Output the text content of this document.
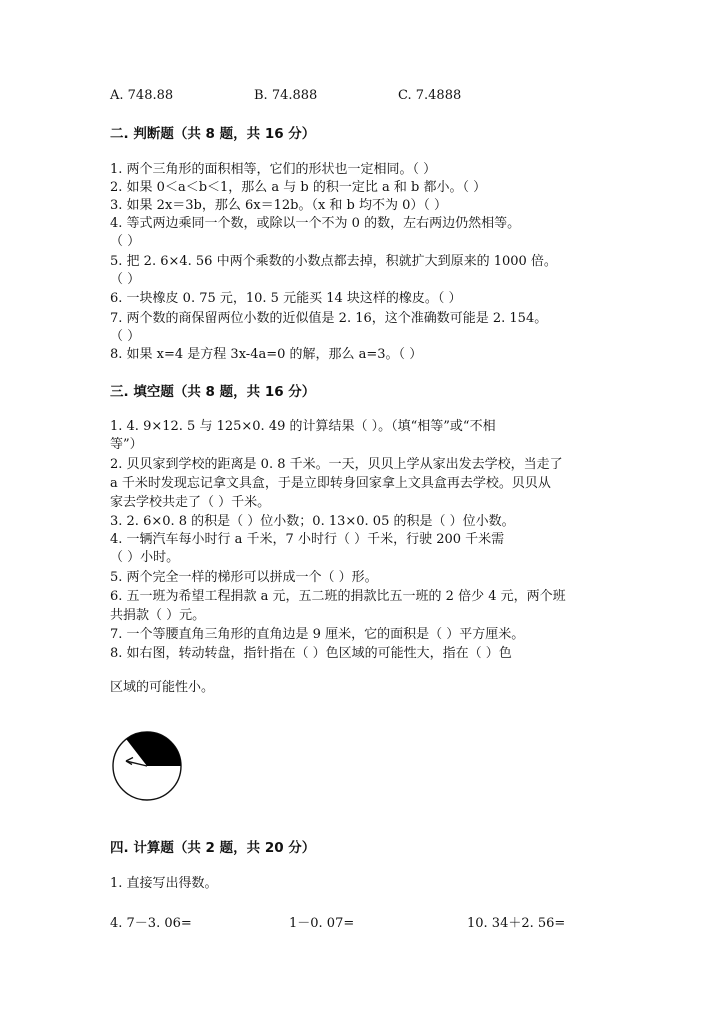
A. 748.88	B. 74.888	C. 7.4888
二. 判断题（共 8 题，共 16 分）
1. 两个三角形的面积相等，它们的形状也一定相同。（ ）
2. 如果 0＜a＜b＜1，那么 a 与 b 的积一定比 a 和 b 都小。（ ）
3. 如果 2x＝3b，那么 6x＝12b。（x 和 b 均不为 0）（ ）
4. 等式两边乘同一个数，或除以一个不为 0 的数，左右两边仍然相等。
（ ）
5. 把 2. 6×4. 56 中两个乘数的小数点都去掉，积就扩大到原来的 1000 倍。
（ ）
6. 一块橡皮 0. 75 元，10. 5 元能买 14 块这样的橡皮。（ ）
7. 两个数的商保留两位小数的近似值是 2. 16，这个准确数可能是 2. 154。
（ ）
8. 如果 x=4 是方程 3x-4a=0 的解，那么 a=3。（ ）
三. 填空题（共 8 题，共 16 分）
1. 4. 9×12. 5 与 125×0. 49 的计算结果（ ）。（填“相等”或“不相
等”）
2. 贝贝家到学校的距离是 0. 8 千米。一天，贝贝上学从家出发去学校，当走了
a 千米时发现忘记拿文具盒，于是立即转身回家拿上文具盒再去学校。贝贝从
家去学校共走了（ ）千米。
3. 2. 6×0. 8 的积是（ ）位小数；0. 13×0. 05 的积是（ ）位小数。
4. 一辆汽车每小时行 a 千米，7 小时行（ ）千米，行驶 200 千米需
（ ）小时。
5. 两个完全一样的梯形可以拼成一个（ ）形。
6. 五一班为希望工程捐款 a 元，五二班的捐款比五一班的 2 倍少 4 元，两个班
共捐款（ ）元。
7. 一个等腰直角三角形的直角边是 9 厘米，它的面积是（ ）平方厘米。
8. 如右图，转动转盘，指针指在（ ）色区域的可能性大，指在（ ）色
区域的可能性小。
四. 计算题（共 2 题，共 20 分）
1. 直接写出得数。
4. 7－3. 06=	1－0. 07=	10. 34＋2. 56=
